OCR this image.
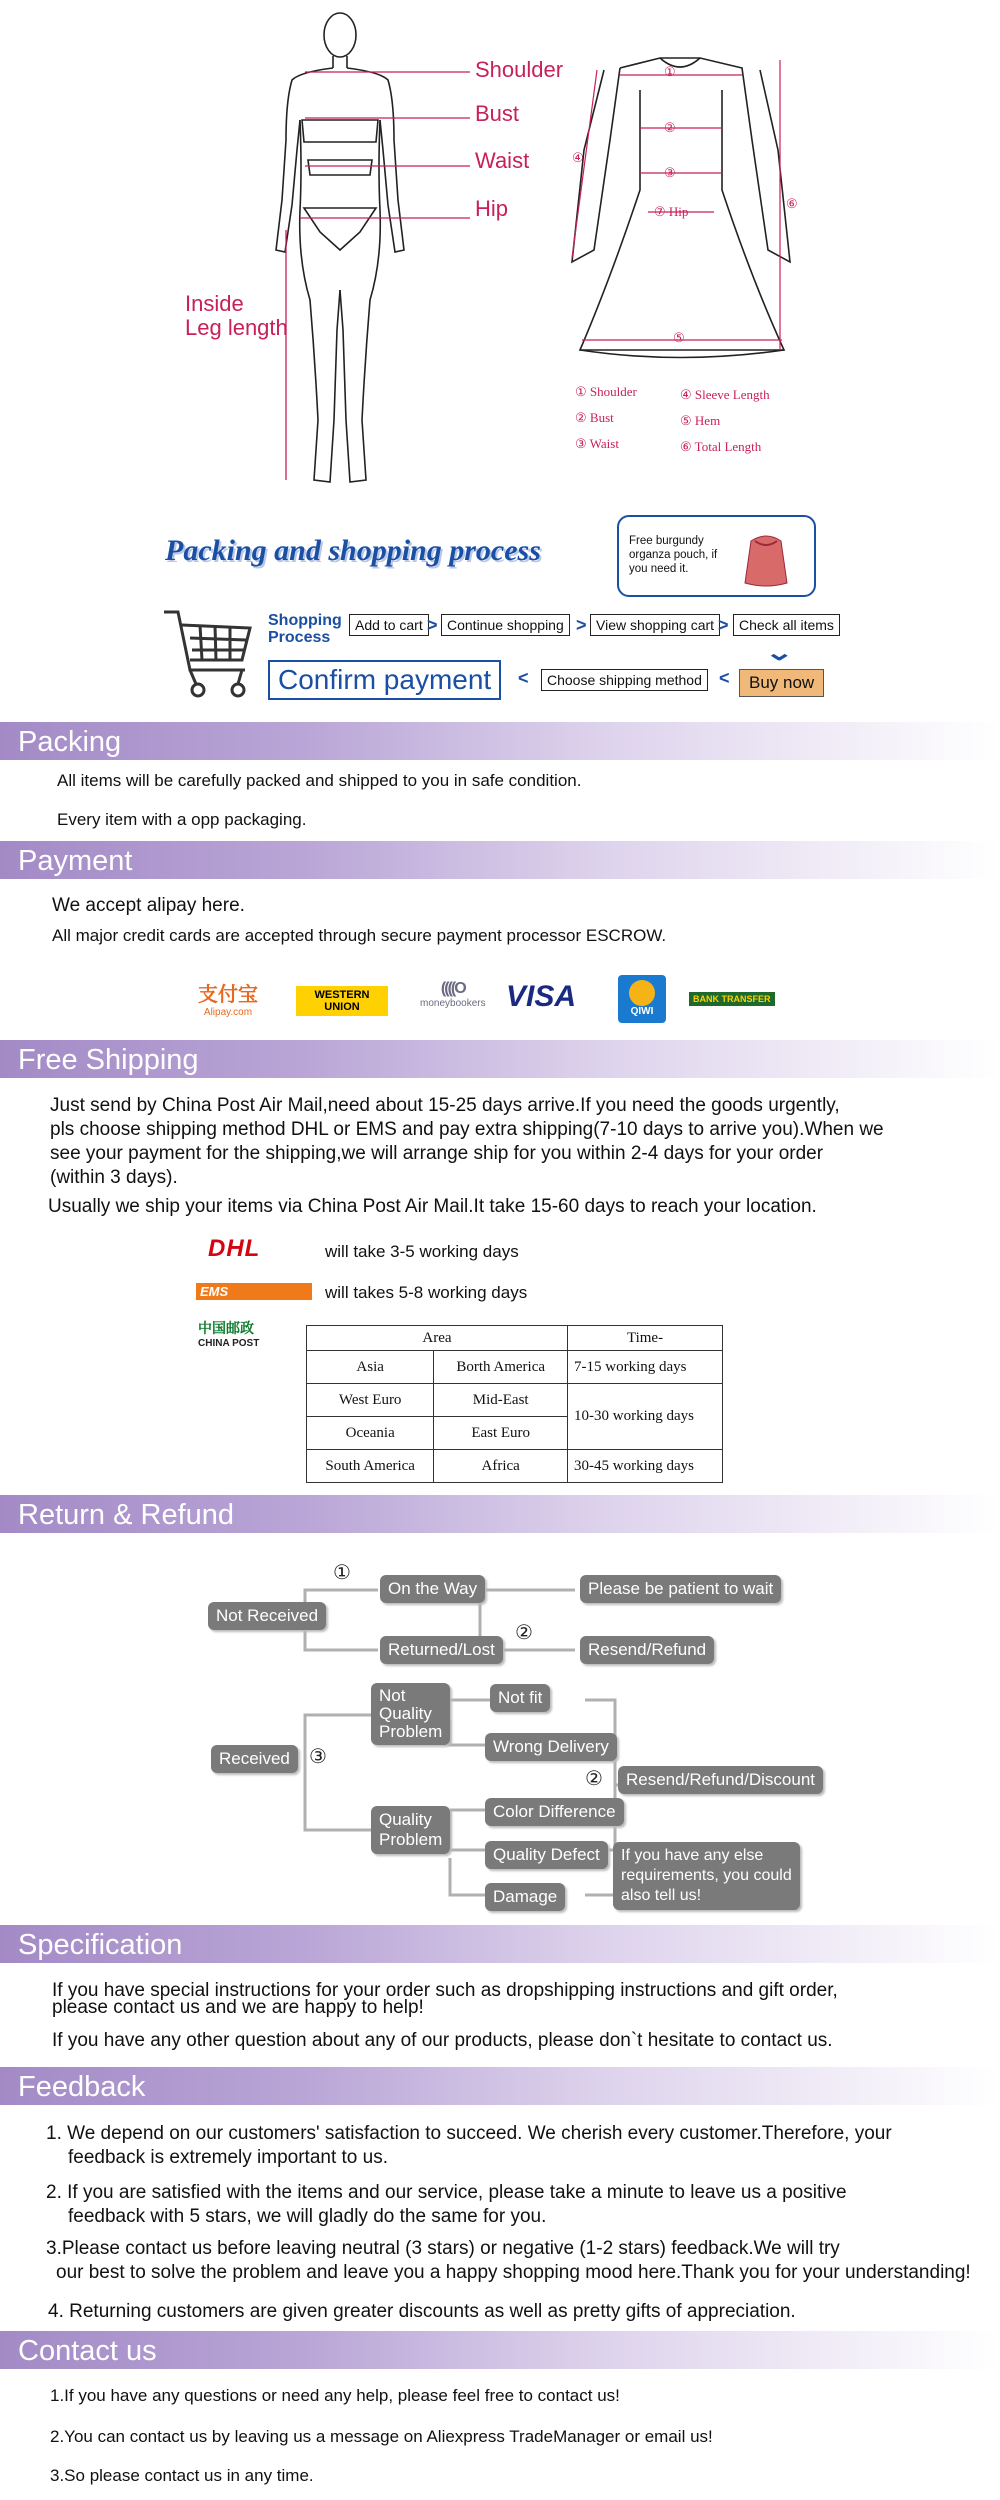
Shoulder
Bust
Waist
Hip
Inside
Leg length
①
②
③
⑦ Hip
④
⑤
⑥
① Shoulder	④ Sleeve Length
② Bust	⑤ Hem
③ Waist	⑥ Total Length
Packing and shopping process	Free burgundy organza pouch, if you need it.
Shopping
Process
Add to cart > Continue shopping > View shopping cart > Check all items
⌄
Confirm payment	<	Choose shipping method <	Buy now
Packing
All items will be carefully packed and shipped to you in safe condition.
Every item with a opp packaging.
Payment
We accept alipay here.
All major credit cards are accepted through secure payment processor ESCROW.
支付宝
Alipay.com
WESTERN UNION
((((O
moneybookers VISA	QIWI
BANK TRANSFER
Free Shipping
Just send by China Post Air Mail,need about 15-25 days arrive.If you need the goods urgently,
pls choose shipping method DHL or EMS and pay extra shipping(7-10 days to arrive you).When we
see your payment for the shipping,we will arrange ship for you within 2-4 days for your order
(within 3 days).
Usually we ship your items via China Post Air Mail.It take 15-60 days to reach your location.
DHL	will take 3-5 working days
EMS	will takes 5-8 working days
中国邮政
CHINA POST	Area		Time-
Asia	Borth America	7-15 working days
West Euro	Mid-East	10-30 working days
Oceania	East Euro	
South America	Africa	30-45 working days
Return & Refund
Not Received
①
On the Way
Returned/Lost
Please be patient to wait
②
Resend/Refund
Received ③
Not
Quality
Problem
Quality
Problem
Not fit
Wrong Delivery
Color Difference
Quality Defect
Damage
②	Resend/Refund/Discount
If you have any else
requirements, you could
also tell us!
Specification
If you have special instructions for your order such as dropshipping instructions and gift order,
please contact us and we are happy to help!
If you have any other question about any of our products, please don`t hesitate to contact us.
Feedback
1. We depend on our customers' satisfaction to succeed. We cherish every customer.Therefore, your
feedback is extremely important to us.
2. If you are satisfied with the items and our service, please take a minute to leave us a positive
feedback with 5 stars, we will gladly do the same for you.
3.Please contact us before leaving neutral (3 stars) or negative (1-2 stars) feedback.We will try
our best to solve the problem and leave you a happy shopping mood here.Thank you for your understanding!
4. Returning customers are given greater discounts as well as pretty gifts of appreciation.
Contact us
1.If you have any questions or need any help, please feel free to contact us!
2.You can contact us by leaving us a message on Aliexpress TradeManager or email us!
3.So please contact us in any time.
